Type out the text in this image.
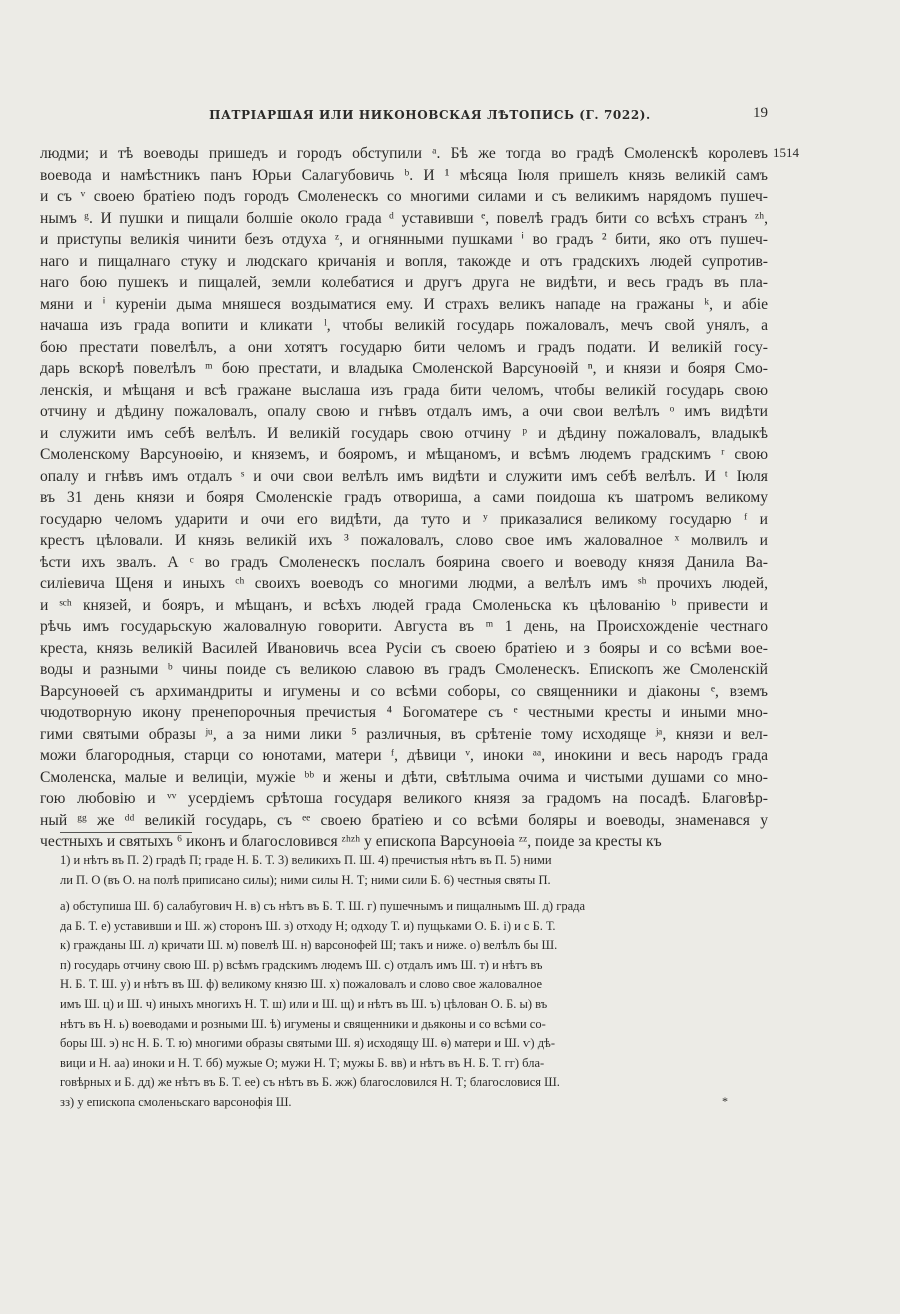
ПАТРІАРШАЯ ИЛИ НИКОНОВСКАЯ ЛѢТОПИСЬ (Г. 7022).	19
1514
людми; и тѣ воеводы пришедъ и городъ обступили ᵃ. Бѣ же тогда во градѣ Смоленскѣ королевъ
воевода и намѣстникъ панъ Юрьи Салагубовичь ᵇ. И ¹ мѣсяца Іюля пришелъ князь великій самъ
и съ ᵛ своею братіею подъ городъ Смоленескъ со многими силами и съ великимъ нарядомъ пушеч-
нымъ ᵍ. И пушки и пищали болшіе около града ᵈ уставивши ᵉ, повелѣ градъ бити со всѣхъ странъ ᶻʰ,
и приступы великія чинити безъ отдуха ᶻ, и огнянными пушками ⁱ во градъ ² бити, яко отъ пушеч-
наго и пищалнаго стуку и людскаго кричанія и вопля, такожде и отъ градскихъ людей супротив-
наго бою пушекъ и пищалей, земли колебатися и другъ друга не видѣти, и весь градъ въ пла-
мяни и ⁱ куреніи дыма мняшеся воздыматися ему. И страхъ великъ нападе на гражаны ᵏ, и абіе
начаша изъ града вопити и кликати ˡ, чтобы великій государь пожаловалъ, мечъ свой унялъ, а
бою престати повелѣлъ, а они хотятъ государю бити челомъ и градъ подати. И великій госу-
дарь вскорѣ повелѣлъ ᵐ бою престати, и владыка Смоленской Варсуноѳій ⁿ, и князи и бояря Смо-
ленскія, и мѣщаня и всѣ гражане выслаша изъ града бити челомъ, чтобы великій государь свою
отчину и дѣдину пожаловалъ, опалу свою и гнѣвъ отдалъ имъ, а очи свои велѣлъ ᵒ имъ видѣти
и служити имъ себѣ велѣлъ. И великій государь свою отчину ᵖ и дѣдину пожаловалъ, владыкѣ
Смоленскому Варсуноѳію, и княземъ, и бояромъ, и мѣщаномъ, и всѣмъ людемъ градскимъ ʳ свою
опалу и гнѣвъ имъ отдалъ ˢ и очи свои велѣлъ имъ видѣти и служити имъ себѣ велѣлъ. И ᵗ Іюля
въ 31 день князи и бояря Смоленскіе градъ отвориша, а сами поидоша къ шатромъ великому
государю челомъ ударити и очи его видѣти, да туто и ʸ приказалися великому государю ᶠ и
крестъ цѣловали. И князь великій ихъ ³ пожаловалъ, слово свое имъ жаловалное ˣ молвилъ и
ѣсти ихъ звалъ. А ᶜ во градъ Смоленескъ послалъ боярина своего и воеводу князя Данила Ва-
силіевича Щеня и иныхъ ᶜʰ своихъ воеводъ со многими людми, а велѣлъ имъ ˢʰ прочихъ людей,
и ˢᶜʰ князей, и бояръ, и мѣщанъ, и всѣхъ людей града Смоленьска къ цѣлованію ᵇ привести и
рѣчь имъ государьскую жаловалную говорити. Августа въ ᵐ 1 день, на Происхожденіе честнаго
креста, князь великій Василей Ивановичь всеа Русіи съ своею братіею и з бояры и со всѣми вое-
воды и разными ᵇ чины поиде съ великою славою въ градъ Смоленескъ. Епископъ же Смоленскій
Варсуноѳей съ архимандриты и игумены и со всѣми соборы, со священники и діаконы ᵉ, вземъ
чюдотворную икону пренепорочныя пречистыя ⁴ Богоматере съ ᵉ честными кресты и иными мно-
гими святыми образы ʲᵘ, а за ними лики ⁵ различныя, въ срѣтеніе тому исходяще ʲᵃ, князи и вел-
можи благородныя, старци со юнотами, матери ᶠ, дѣвици ᵛ, иноки ᵃᵃ, инокини и весь народъ града
Смоленска, малые и велиціи, мужіе ᵇᵇ и жены и дѣти, свѣтлыма очима и чистыми душами со мно-
гою любовію и ᵛᵛ усердіемъ срѣтоша государя великого князя за градомъ на посадѣ. Благовѣр-
ный ᵍᵍ же ᵈᵈ великій государь, съ ᵉᵉ своею братіею и со всѣми боляры и воеводы, знаменався у
честныхъ и святыхъ ⁶ иконъ и благословився ᶻʰᶻʰ у епископа Варсуноѳіа ᶻᶻ, поиде за кресты къ
1) и нѣтъ въ П. 2) градѣ П; граде Н. Б. Т. 3) великихъ П. Ш. 4) пречистыя нѣтъ въ П. 5) ними
ли П. О (въ О. на полѣ приписано силы); ними силы Н. Т; ними сили Б. 6) честныя святы П.
а) обступиша Ш. б) салабугович Н. в) съ нѣтъ въ Б. Т. Ш. г) пушечнымъ и пищалнымъ Ш. д) града
да Б. Т. е) уставивши и Ш. ж) сторонъ Ш. з) отходу Н; одходу Т. и) пущьками О. Б. і) и с Б. Т.
к) гражданы Ш. л) кричати Ш. м) повелѣ Ш. н) варсонофей Ш; такъ и ниже. о) велѣлъ бы Ш.
п) государь отчину свою Ш. р) всѣмъ градскимъ людемъ Ш. с) отдалъ имъ Ш. т) и нѣтъ въ
Н. Б. Т. Ш. у) и нѣтъ въ Ш. ф) великому князю Ш. х) пожаловалъ и слово свое жаловалное
имъ Ш. ц) и Ш. ч) иныхъ многихъ Н. Т. ш) или и Ш. щ) и нѣтъ въ Ш. ъ) цѣлован О. Б. ы) въ
нѣтъ въ Н. ь) воеводами и розными Ш. ѣ) игумены и священники и дьяконы и со всѣми со-
боры Ш. э) нс Н. Б. Т. ю) многими образы святыми Ш. я) исходящу Ш. ѳ) матери и Ш. ѵ) дѣ-
вици и Н. аа) иноки и Н. Т. бб) мужые О; мужи Н. Т; мужы Б. вв) и нѣтъ въ Н. Б. Т. гг) бла-
говѣрных и Б. дд) же нѣтъ въ Б. Т. ее) съ нѣтъ въ Б. жж) благословился Н. Т; благословися Ш.
зз) у епископа смоленьскаго варсонофія Ш.	*
